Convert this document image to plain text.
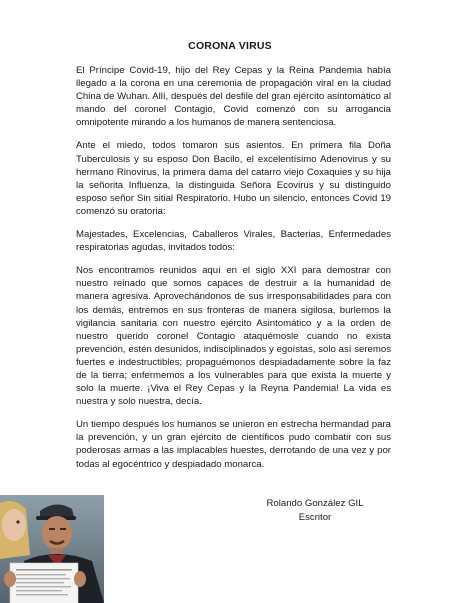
CORONA VIRUS

El Príncipe Covid-19, hijo del Rey Cepas y la Reina Pandemia había llegado a la corona en una ceremonia de propagación viral en la ciudad China de Wuhan. Allí, después del desfile del gran ejército asintomático al mando del coronel Contagio, Covid comenzó con su arrogancia omnipotente mirando a los humanos de manera sentenciosa.

Ante el miedo, todos tomaron sus asientos. En primera fila Doña Tuberculosis y su esposo Don Bacilo, el excelentísimo Adenovirus y su hermano Rinovirus, la primera dama del catarro viejo Coxaquies y su hija la señorita Influenza, la distinguida Señora Ecovirus y su distinguido esposo señor Sin sitial Respiratorio. Hubo un silencio, entonces Covid 19 comenzó su oratoria:

Majestades, Excelencias, Caballeros Virales, Bacterias, Enfermedades respiratorias agudas, invitados todos:

Nos encontramos reunidos aquí en el siglo XXI para demostrar con nuestro reinado que somos capaces de destruir a la humanidad de manera agresiva. Aprovechándonos de sus irresponsabilidades para con los demás, entremos en sus fronteras de manera sigilosa, burlemos la vigilancia sanitaria con nuestro ejército Asintomático y a la orden de nuestro querido coronel Contagio ataquémosle cuando no exista prevención, estén desunidos, indisciplinados y egoístas, solo así seremos fuertes e indestructibles; propaguémonos despiadadamente sobre la faz de la tierra; enfermemos a los vulnerables para que exista la muerte y solo la muerte. ¡Viva el Rey Cepas y la Reyna Pandemia! La vida es nuestra y solo nuestra, decía.

Un tiempo después los humanos se unieron en estrecha hermandad para la prevención, y un gran ejército de científicos pudo combatir con sus poderosas armas a las implacables huestes, derrotando de una vez y por todas al egocéntrico y despiadado monarca.

Rolando González GIL
Escritor
